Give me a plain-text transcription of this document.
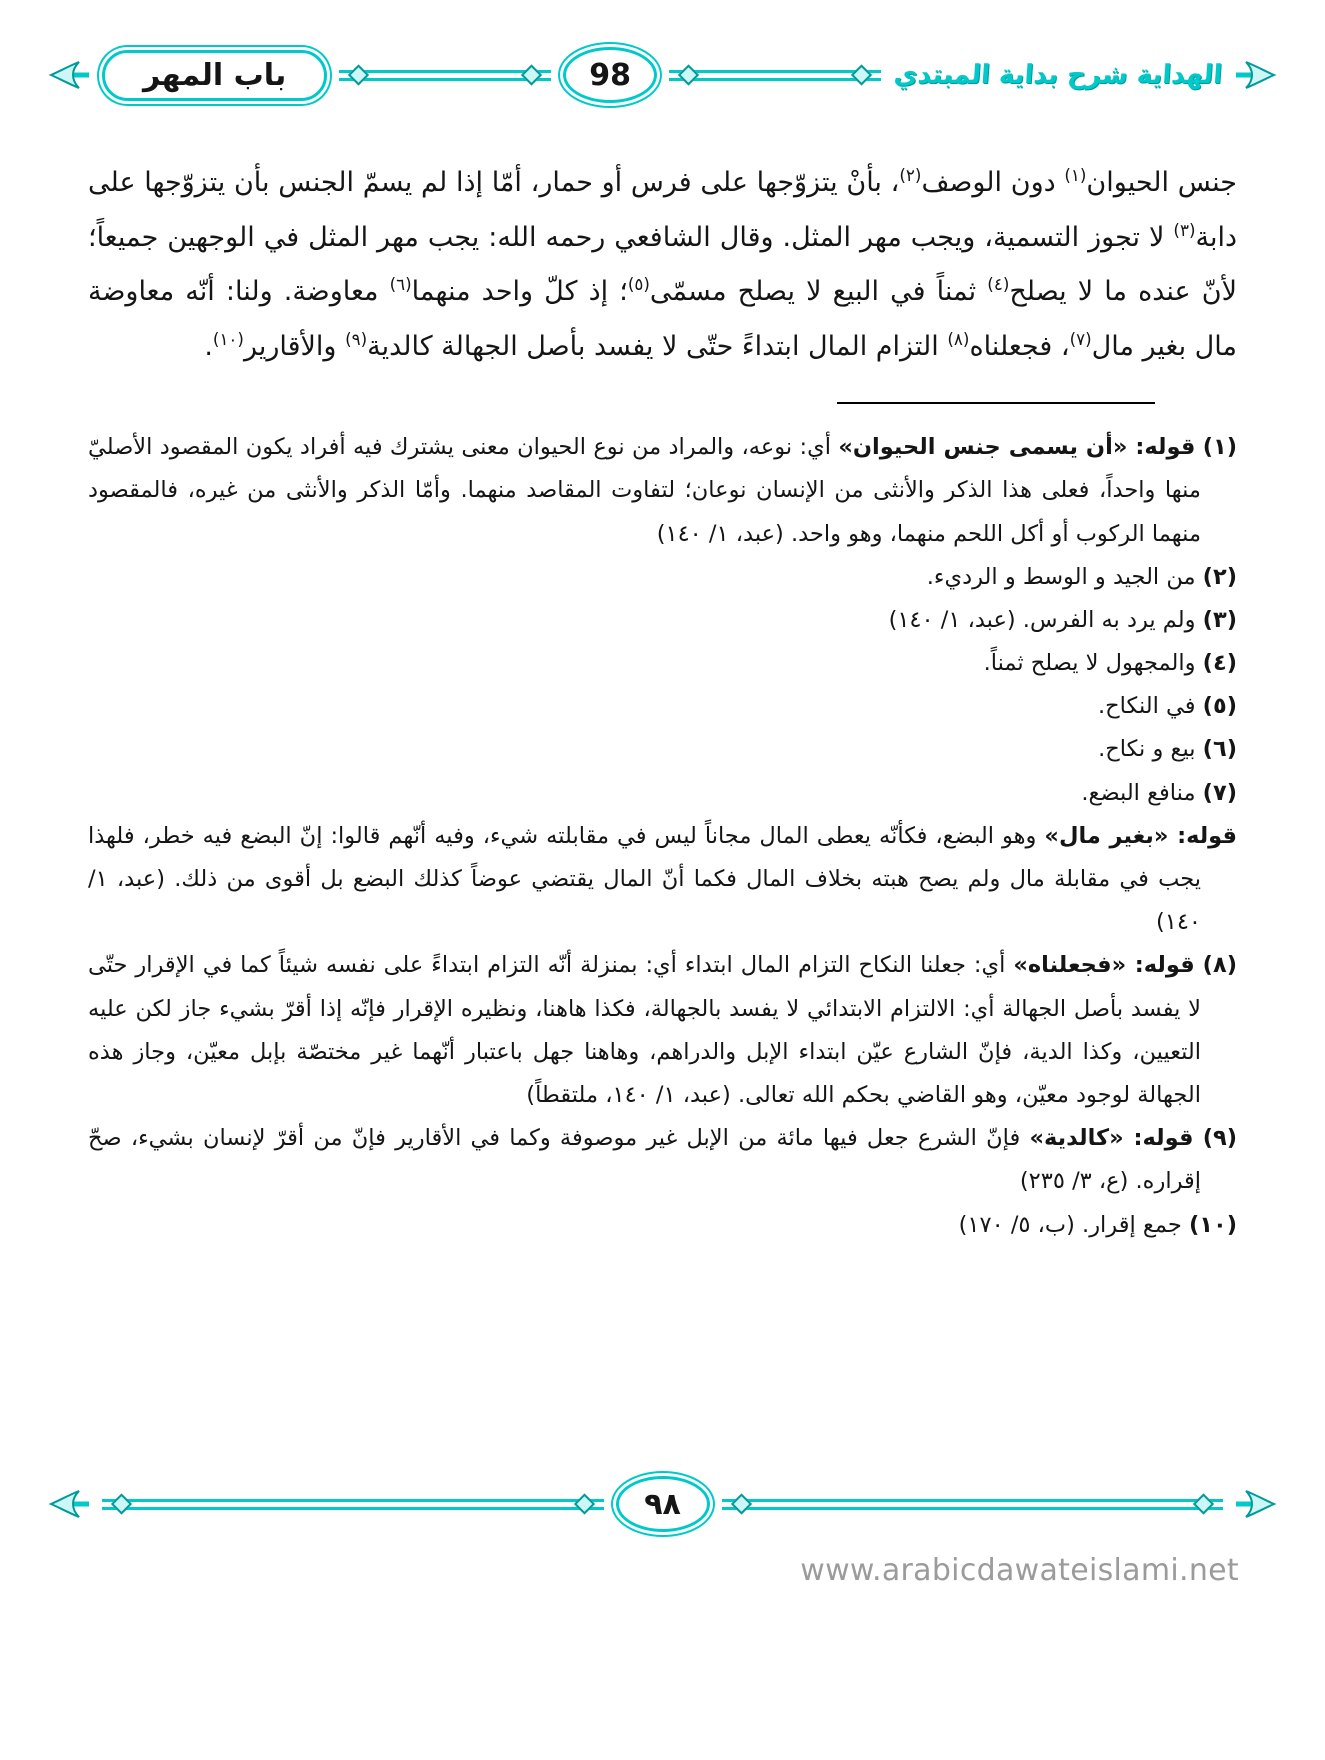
باب المهر	98	الهداية شرح بداية المبتدي
جنس الحيوان$^{(١)}$ دون الوصف$^{(٢)}$، بأنْ يتزوّجها على فرس أو حمار، أمّا إذا لم يسمّ الجنس بأن يتزوّجها على دابة$^{(٣)}$ لا تجوز التسمية، ويجب مهر المثل. وقال الشافعي رحمه الله: يجب مهر المثل في الوجهين جميعاً؛ لأنّ عنده ما لا يصلح$^{(٤)}$ ثمناً في البيع لا يصلح مسمّى$^{(٥)}$؛ إذ كلّ واحد منهما$^{(٦)}$ معاوضة. ولنا: أنّه معاوضة مال بغير مال$^{(٧)}$، فجعلناه$^{(٨)}$ التزام المال ابتداءً حتّى لا يفسد بأصل الجهالة كالدية$^{(٩)}$ والأقارير$^{(١٠)}$.
(١) قوله: «أن يسمى جنس الحيوان» أي: نوعه، والمراد من نوع الحيوان معنى يشترك فيه أفراد يكون المقصود الأصليّ منها واحداً، فعلى هذا الذكر والأنثى من الإنسان نوعان؛ لتفاوت المقاصد منهما. وأمّا الذكر والأنثى من غيره، فالمقصود منهما الركوب أو أكل اللحم منهما، وهو واحد. (عبد، ١/ ١٤٠)
(٢) من الجيد و الوسط و الرديء.
(٣) ولم يرد به الفرس. (عبد، ١/ ١٤٠)
(٤) والمجهول لا يصلح ثمناً.
(٥) في النكاح.
(٦) بيع و نكاح.
(٧) منافع البضع.
قوله: «بغير مال» وهو البضع، فكأنّه يعطى المال مجاناً ليس في مقابلته شيء، وفيه أنّهم قالوا: إنّ البضع فيه خطر، فلهذا يجب في مقابلة مال ولم يصح هبته بخلاف المال فكما أنّ المال يقتضي عوضاً كذلك البضع بل أقوى من ذلك. (عبد، ١/ ١٤٠)
(٨) قوله: «فجعلناه» أي: جعلنا النكاح التزام المال ابتداء أي: بمنزلة أنّه التزام ابتداءً على نفسه شيئاً كما في الإقرار حتّى لا يفسد بأصل الجهالة أي: الالتزام الابتدائي لا يفسد بالجهالة، فكذا هاهنا، ونظيره الإقرار فإنّه إذا أقرّ بشيء جاز لكن عليه التعيين، وكذا الدية، فإنّ الشارع عيّن ابتداء الإبل والدراهم، وهاهنا جهل باعتبار أنّهما غير مختصّة بإبل معيّن، وجاز هذه الجهالة لوجود معيّن، وهو القاضي بحكم الله تعالى. (عبد، ١/ ١٤٠، ملتقطاً)
(٩) قوله: «كالدية» فإنّ الشرع جعل فيها مائة من الإبل غير موصوفة وكما في الأقارير فإنّ من أقرّ لإنسان بشيء، صحّ إقراره. (ع، ٣/ ٢٣٥)
(١٠) جمع إقرار. (ب، ٥/ ١٧٠)
٩٨
www.arabicdawateislami.net
